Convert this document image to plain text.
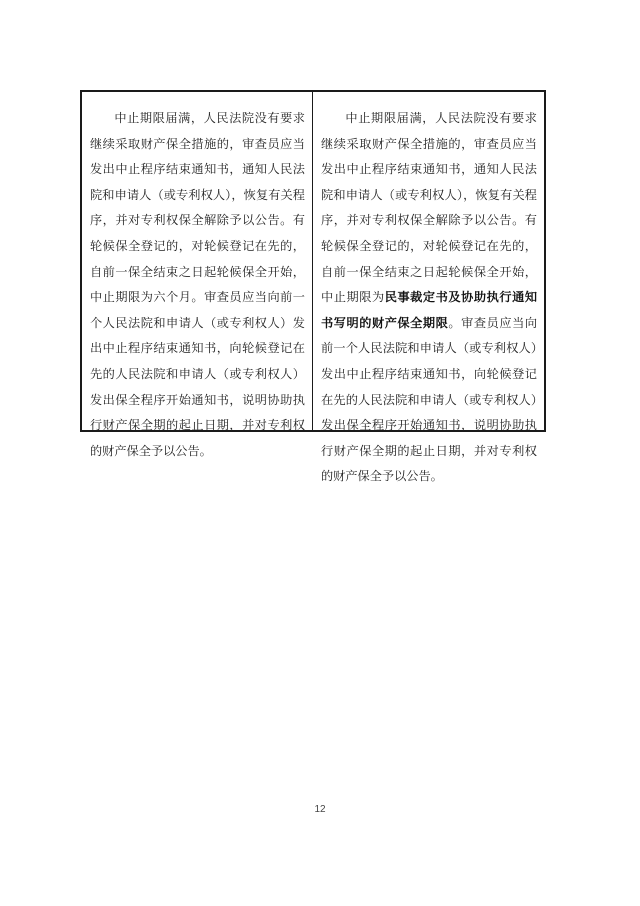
中止期限届满，人民法院没有要求继续采取财产保全措施的，审查员应当发出中止程序结束通知书，通知人民法院和申请人（或专利权人），恢复有关程序，并对专利权保全解除予以公告。有轮候保全登记的，对轮候登记在先的，自前一保全结束之日起轮候保全开始，中止期限为六个月。审查员应当向前一个人民法院和申请人（或专利权人）发出中止程序结束通知书，向轮候登记在先的人民法院和申请人（或专利权人）发出保全程序开始通知书，说明协助执行财产保全期的起止日期，并对专利权的财产保全予以公告。

中止期限届满，人民法院没有要求继续采取财产保全措施的，审查员应当发出中止程序结束通知书，通知人民法院和申请人（或专利权人），恢复有关程序，并对专利权保全解除予以公告。有轮候保全登记的，对轮候登记在先的，自前一保全结束之日起轮候保全开始，中止期限为民事裁定书及协助执行通知书写明的财产保全期限。审查员应当向前一个人民法院和申请人（或专利权人）发出中止程序结束通知书，向轮候登记在先的人民法院和申请人（或专利权人）发出保全程序开始通知书，说明协助执行财产保全期的起止日期，并对专利权的财产保全予以公告。

12
